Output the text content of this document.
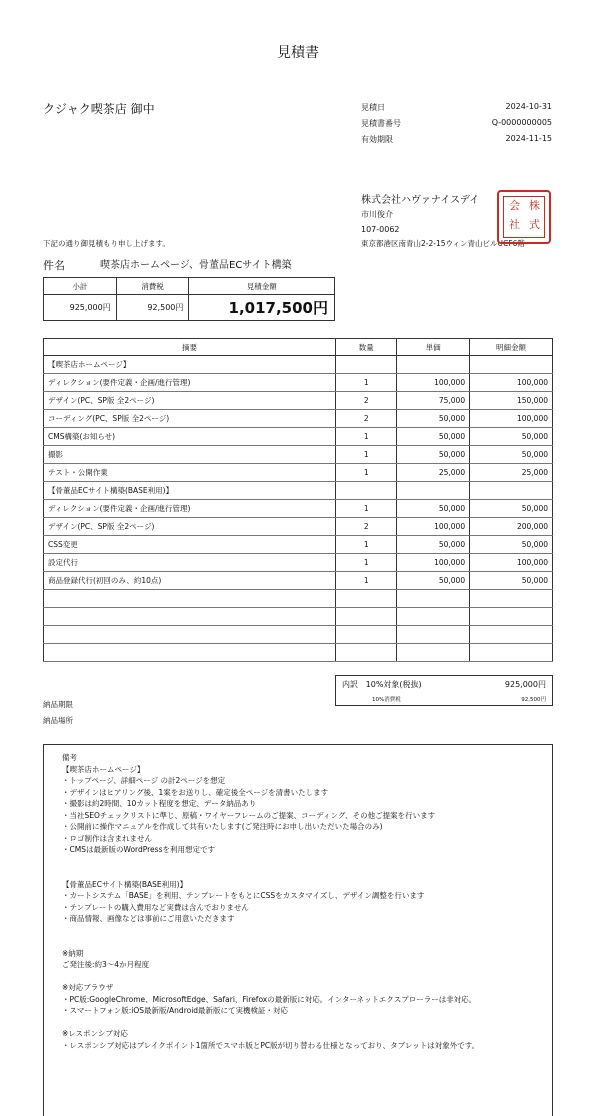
見積書
クジャク喫茶店 御中	見積日	2024-10-31
見積書番号	Q-0000000005
有効期限	2024-11-15
株式会社ハヴァナイスデイ
市川俊介
107-0062
東京都港区南青山2-2-15ウィン青山ビルUCF6階
株
式
会
社
下記の通り御見積もり申し上げます。
件名	喫茶店ホームページ、骨董品ECサイト構築
小計	消費税	見積金額
925,000円	92,500円	1,017,500円
摘要	数量	単価	明細金額
【喫茶店ホームページ】			
ディレクション(要件定義・企画/進行管理)	1	100,000	100,000
デザイン(PC、SP版 全2ページ)	2	75,000	150,000
コーディング(PC、SP版 全2ページ)	2	50,000	100,000
CMS構築(お知らせ)	1	50,000	50,000
撮影	1	50,000	50,000
テスト・公開作業	1	25,000	25,000
【骨董品ECサイト構築(BASE利用)】			
ディレクション(要件定義・企画/進行管理)	1	50,000	50,000
デザイン(PC、SP版 全2ページ)	2	100,000	200,000
CSS変更	1	50,000	50,000
設定代行	1	100,000	100,000
商品登録代行(初回のみ、約10点)	1	50,000	50,000

内訳 10%対象(税抜)	925,000円
10%消費税	92,500円
納品期限
納品場所
備考
【喫茶店ホームページ】
・トップページ、詳細ページ の計2ページを想定
・デザインはヒアリング後、1案をお送りし、確定後全ページを清書いたします
・撮影は約2時間、10カット程度を想定、データ納品あり
・当社SEOチェックリストに準じ、原稿・ワイヤーフレームのご提案、コーディング、その他ご提案を行います
・公開前に操作マニュアルを作成して共有いたします(ご発注時にお申し出いただいた場合のみ)
・ロゴ制作は含まれません
・CMSは最新版のWordPressを利用想定です
【骨董品ECサイト構築(BASE利用)】
・カートシステム「BASE」を利用、テンプレートをもとにCSSをカスタマイズし、デザイン調整を行います
・テンプレートの購入費用など実費は含んでおりません
・商品情報、画像などは事前にご用意いただきます
※納期
ご発注後:約3〜4か月程度
※対応ブラウザ
・PC版:GoogleChrome、MicrosoftEdge、Safari、Firefoxの最新版に対応。インターネットエクスプローラーは非対応。
・スマートフォン版:iOS最新版/Android最新版にて実機検証・対応
※レスポンシブ対応
・レスポンシブ対応はブレイクポイント1箇所でスマホ版とPC版が切り替わる仕様となっており、タブレットは対象外です。
